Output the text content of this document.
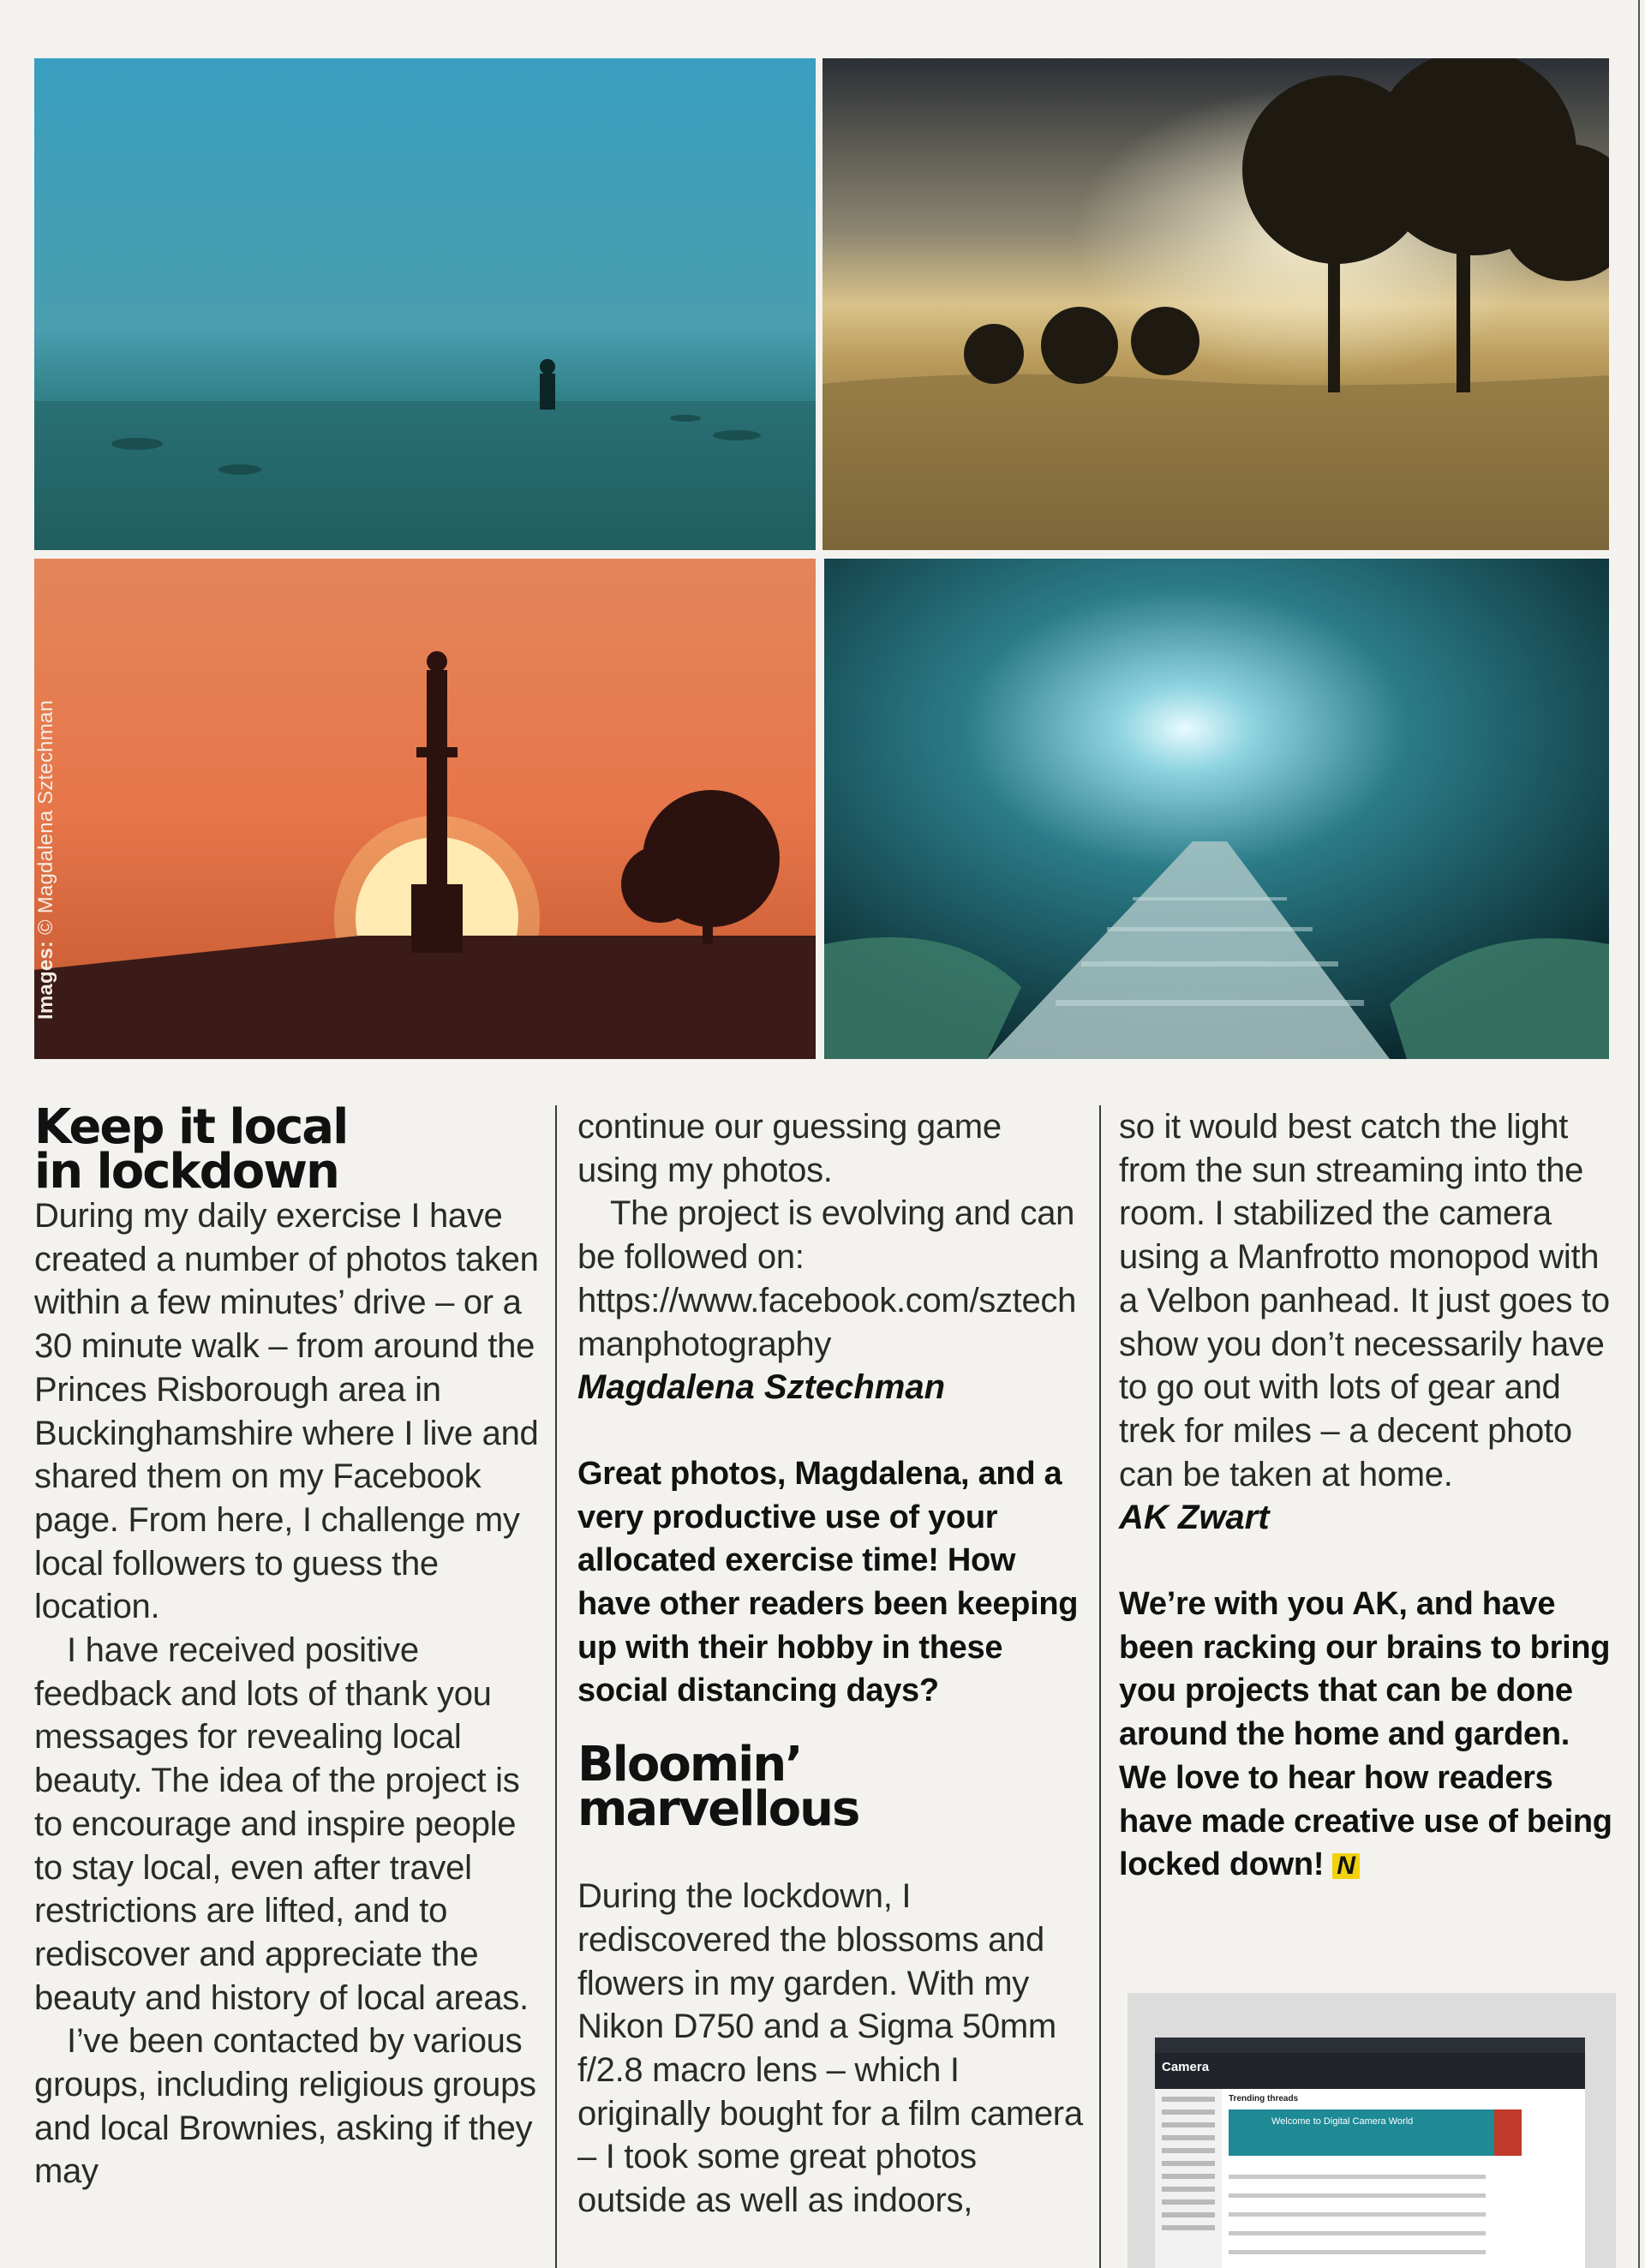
Images: © Magdalena Sztechman
Keep it local
in lockdown

During my daily exercise I have created a number of photos taken within a few minutes’ drive – or a 30 minute walk – from around the Princes Risborough area in Buckinghamshire where I live and shared them on my Facebook page. From here, I challenge my local followers to guess the location.

I have received positive feedback and lots of thank you messages for revealing local beauty. The idea of the project is to encourage and inspire people to stay local, even after travel restrictions are lifted, and to rediscover and appreciate the beauty and history of local areas.

I’ve been contacted by various groups, including religious groups and local Brownies, asking if they may

continue our guessing game using my photos.

The project is evolving and can be followed on:

https://www.facebook.com/sztechmanphotography

Magdalena Sztechman

Great photos, Magdalena, and a very productive use of your allocated exercise time! How have other readers been keeping up with their hobby in these social distancing days?

Bloomin’
marvellous

During the lockdown, I rediscovered the blossoms and flowers in my garden. With my Nikon D750 and a Sigma 50mm f/2.8 macro lens – which I originally bought for a film camera – I took some great photos outside as well as indoors,

so it would best catch the light from the sun streaming into the room. I stabilized the camera using a Manfrotto monopod with a Velbon panhead. It just goes to show you don’t necessarily have to go out with lots of gear and trek for miles – a decent photo can be taken at home.

AK Zwart

We’re with you AK, and have been racking our brains to bring you projects that can be done around the home and garden. We love to hear how readers have made creative use of being locked down! N

Camera
Trending threads
Welcome to Digital Camera World
